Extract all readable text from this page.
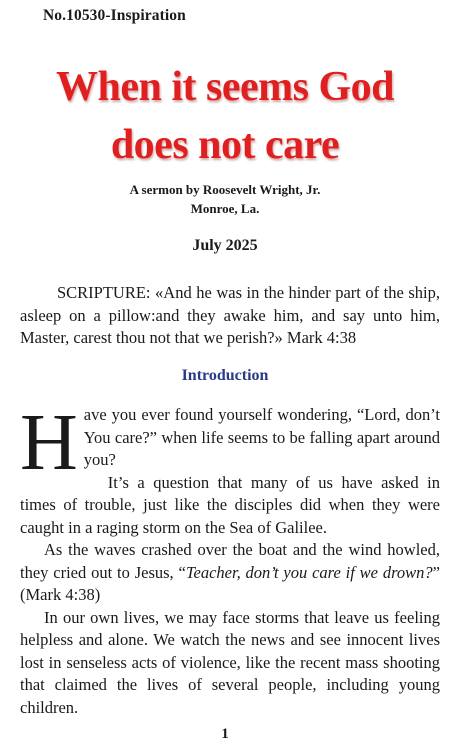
No.10530-Inspiration
When it seems God
does not care
A sermon by Roosevelt Wright, Jr.
Monroe, La.
July 2025
SCRIPTURE: «And he was in the hinder part of the ship, asleep on a pillow:and they awake him, and say unto him, Master, carest thou not that we perish?» Mark 4:38
Introduction

Have you ever found yourself wondering, “Lord, don’t You care?” when life seems to be falling apart around you?

It’s a question that many of us have asked in times of trouble, just like the disciples did when they were caught in a raging storm on the Sea of Galilee.

As the waves crashed over the boat and the wind howled, they cried out to Jesus, “Teacher, don’t you care if we drown?” (Mark 4:38)

In our own lives, we may face storms that leave us feeling helpless and alone. We watch the news and see innocent lives lost in senseless acts of violence, like the recent mass shooting that claimed the lives of several people, including young children.

1
